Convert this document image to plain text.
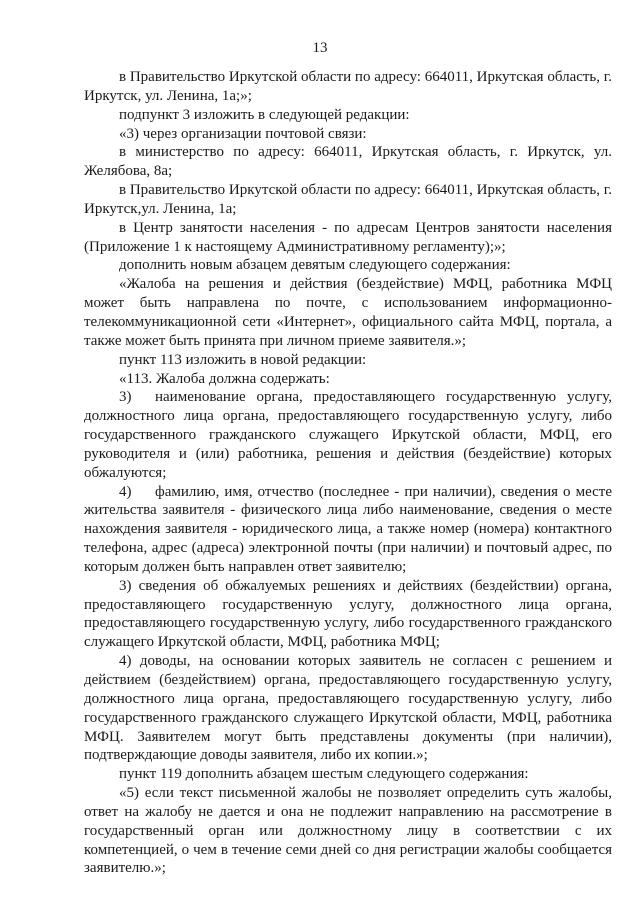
13

в Правительство Иркутской области по адресу: 664011, Иркутская область, г. Иркутск, ул. Ленина, 1а;»;

подпункт 3 изложить в следующей редакции:

«3) через организации почтовой связи:

в министерство по адресу: 664011, Иркутская область, г. Иркутск, ул. Желябова, 8а;

в Правительство Иркутской области по адресу: 664011, Иркутская область, г. Иркутск,ул. Ленина, 1а;

в Центр занятости населения - по адресам Центров занятости населения (Приложение 1 к настоящему Административному регламенту);»;

дополнить новым абзацем девятым следующего содержания:

«Жалоба на решения и действия (бездействие) МФЦ, работника МФЦ может быть направлена по почте, с использованием информационно-телекоммуникационной сети «Интернет», официального сайта МФЦ, портала, а также может быть принята при личном приеме заявителя.»;

пункт 113 изложить в новой редакции:

«113. Жалоба должна содержать:

3) наименование органа, предоставляющего государственную услугу, должностного лица органа, предоставляющего государственную услугу, либо государственного гражданского служащего Иркутской области, МФЦ, его руководителя и (или) работника, решения и действия (бездействие) которых обжалуются;

4) фамилию, имя, отчество (последнее - при наличии), сведения о месте жительства заявителя - физического лица либо наименование, сведения о месте нахождения заявителя - юридического лица, а также номер (номера) контактного телефона, адрес (адреса) электронной почты (при наличии) и почтовый адрес, по которым должен быть направлен ответ заявителю;

3) сведения об обжалуемых решениях и действиях (бездействии) органа, предоставляющего государственную услугу, должностного лица органа, предоставляющего государственную услугу, либо государственного гражданского служащего Иркутской области, МФЦ, работника МФЦ;

4) доводы, на основании которых заявитель не согласен с решением и действием (бездействием) органа, предоставляющего государственную услугу, должностного лица органа, предоставляющего государственную услугу, либо государственного гражданского служащего Иркутской области, МФЦ, работника МФЦ. Заявителем могут быть представлены документы (при наличии), подтверждающие доводы заявителя, либо их копии.»;

пункт 119 дополнить абзацем шестым следующего содержания:

«5) если текст письменной жалобы не позволяет определить суть жалобы, ответ на жалобу не дается и она не подлежит направлению на рассмотрение в государственный орган или должностному лицу в соответствии с их компетенцией, о чем в течение семи дней со дня регистрации жалобы сообщается заявителю.»;
